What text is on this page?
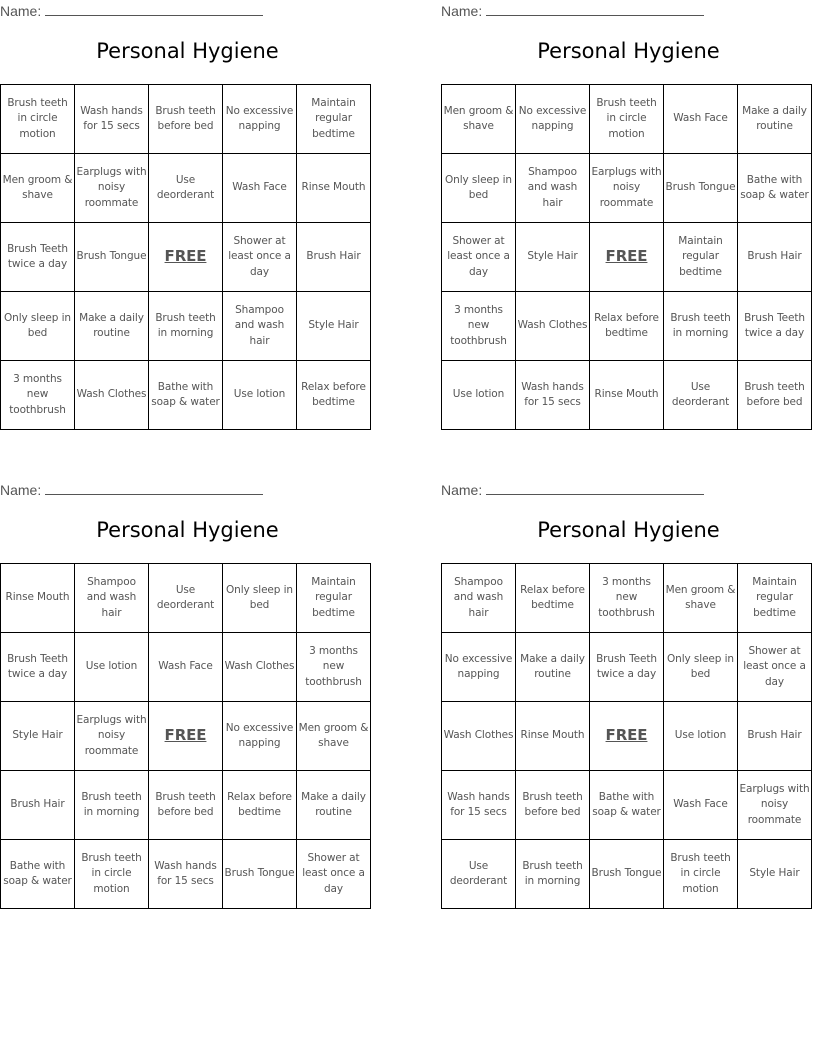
Name:
Personal Hygiene
Brush teeth in circle motion	Wash hands for 15 secs	Brush teeth before bed	No excessive napping	Maintain regular bedtime
Men groom & shave	Earplugs with noisy roommate	Use deorderant	Wash Face	Rinse Mouth
Brush Teeth twice a day	Brush Tongue	FREE	Shower at least once a day	Brush Hair
Only sleep in bed	Make a daily routine	Brush teeth in morning	Shampoo and wash hair	Style Hair
3 months new toothbrush	Wash Clothes	Bathe with soap & water	Use lotion	Relax before bedtime
Name:
Personal Hygiene
Men groom & shave	No excessive napping	Brush teeth in circle motion	Wash Face	Make a daily routine
Only sleep in bed	Shampoo and wash hair	Earplugs with noisy roommate	Brush Tongue	Bathe with soap & water
Shower at least once a day	Style Hair	FREE	Maintain regular bedtime	Brush Hair
3 months new toothbrush	Wash Clothes	Relax before bedtime	Brush teeth in morning	Brush Teeth twice a day
Use lotion	Wash hands for 15 secs	Rinse Mouth	Use deorderant	Brush teeth before bed
Name:
Personal Hygiene
Rinse Mouth	Shampoo and wash hair	Use deorderant	Only sleep in bed	Maintain regular bedtime
Brush Teeth twice a day	Use lotion	Wash Face	Wash Clothes	3 months new toothbrush
Style Hair	Earplugs with noisy roommate	FREE	No excessive napping	Men groom & shave
Brush Hair	Brush teeth in morning	Brush teeth before bed	Relax before bedtime	Make a daily routine
Bathe with soap & water	Brush teeth in circle motion	Wash hands for 15 secs	Brush Tongue	Shower at least once a day
Name:
Personal Hygiene
Shampoo and wash hair	Relax before bedtime	3 months new toothbrush	Men groom & shave	Maintain regular bedtime
No excessive napping	Make a daily routine	Brush Teeth twice a day	Only sleep in bed	Shower at least once a day
Wash Clothes	Rinse Mouth	FREE	Use lotion	Brush Hair
Wash hands for 15 secs	Brush teeth before bed	Bathe with soap & water	Wash Face	Earplugs with noisy roommate
Use deorderant	Brush teeth in morning	Brush Tongue	Brush teeth in circle motion	Style Hair
